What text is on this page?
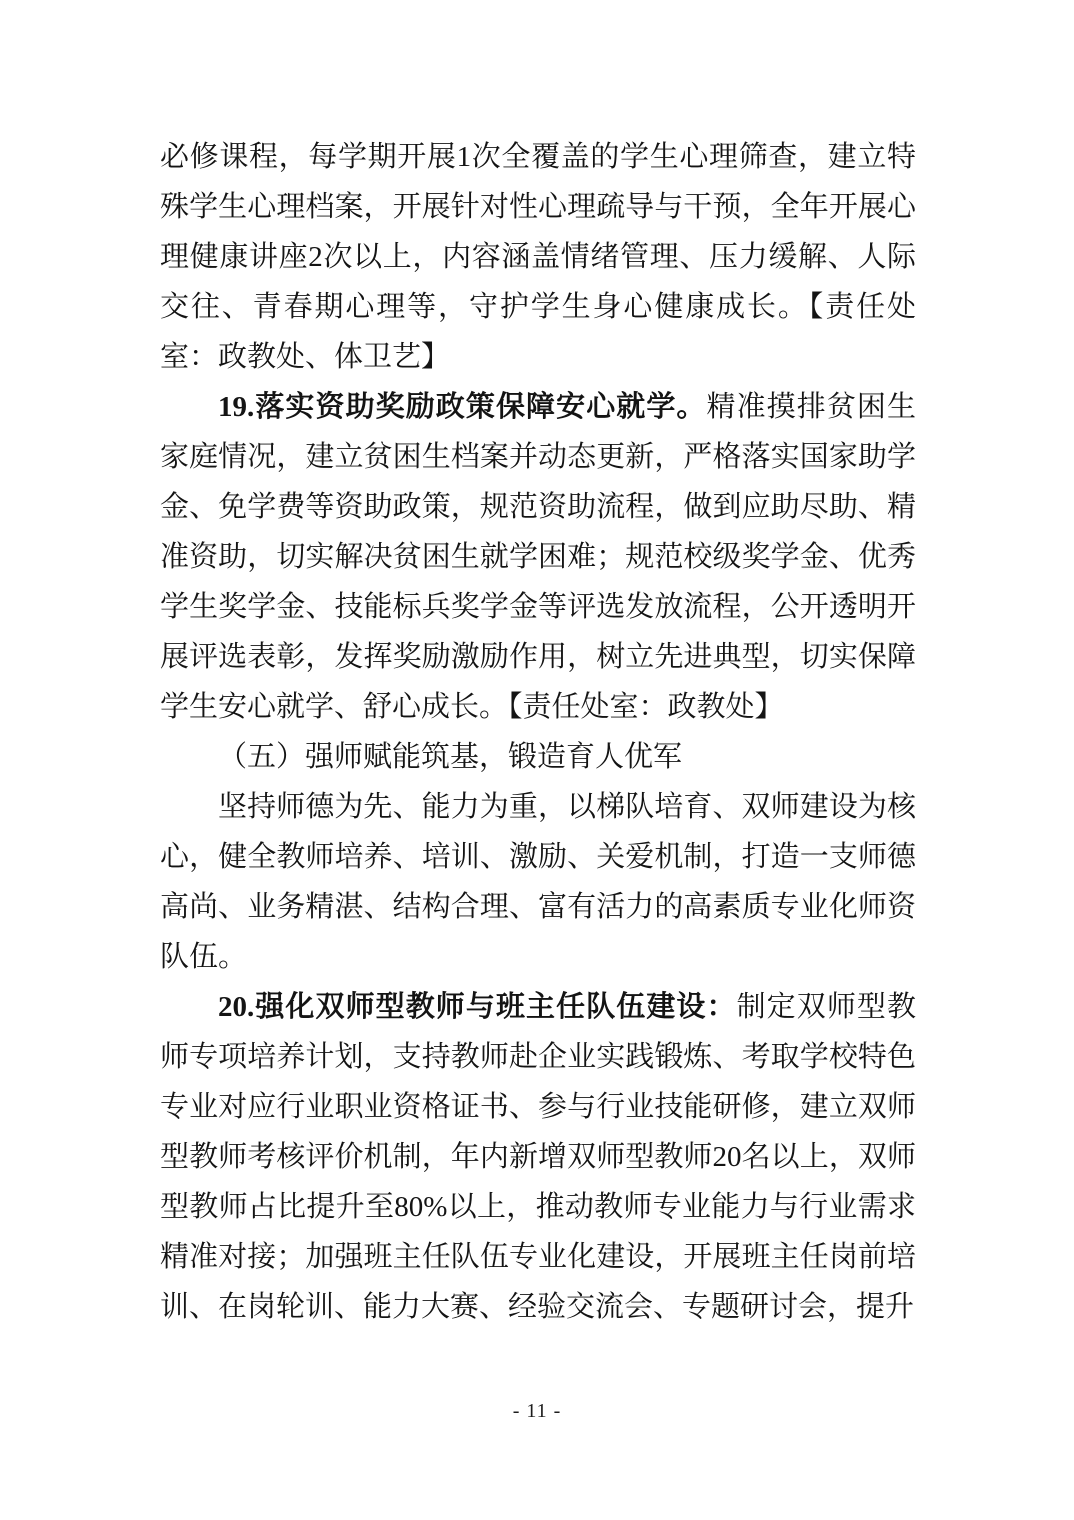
必修课程，每学期开展1次全覆盖的学生心理筛查，建立特殊学生心理档案，开展针对性心理疏导与干预，全年开展心理健康讲座2次以上，内容涵盖情绪管理、压力缓解、人际交往、青春期心理等，守护学生身心健康成长。【责任处室：政教处、体卫艺】

19.落实资助奖励政策保障安心就学。精准摸排贫困生家庭情况，建立贫困生档案并动态更新，严格落实国家助学金、免学费等资助政策，规范资助流程，做到应助尽助、精准资助，切实解决贫困生就学困难；规范校级奖学金、优秀学生奖学金、技能标兵奖学金等评选发放流程，公开透明开展评选表彰，发挥奖励激励作用，树立先进典型，切实保障学生安心就学、舒心成长。【责任处室：政教处】

（五）强师赋能筑基，锻造育人优军

坚持师德为先、能力为重，以梯队培育、双师建设为核心，健全教师培养、培训、激励、关爱机制，打造一支师德高尚、业务精湛、结构合理、富有活力的高素质专业化师资队伍。

20.强化双师型教师与班主任队伍建设：制定双师型教师专项培养计划，支持教师赴企业实践锻炼、考取学校特色专业对应行业职业资格证书、参与行业技能研修，建立双师型教师考核评价机制，年内新增双师型教师20名以上，双师型教师占比提升至80%以上，推动教师专业能力与行业需求精准对接；加强班主任队伍专业化建设，开展班主任岗前培训、在岗轮训、能力大赛、经验交流会、专题研讨会，提升

- 11 -
